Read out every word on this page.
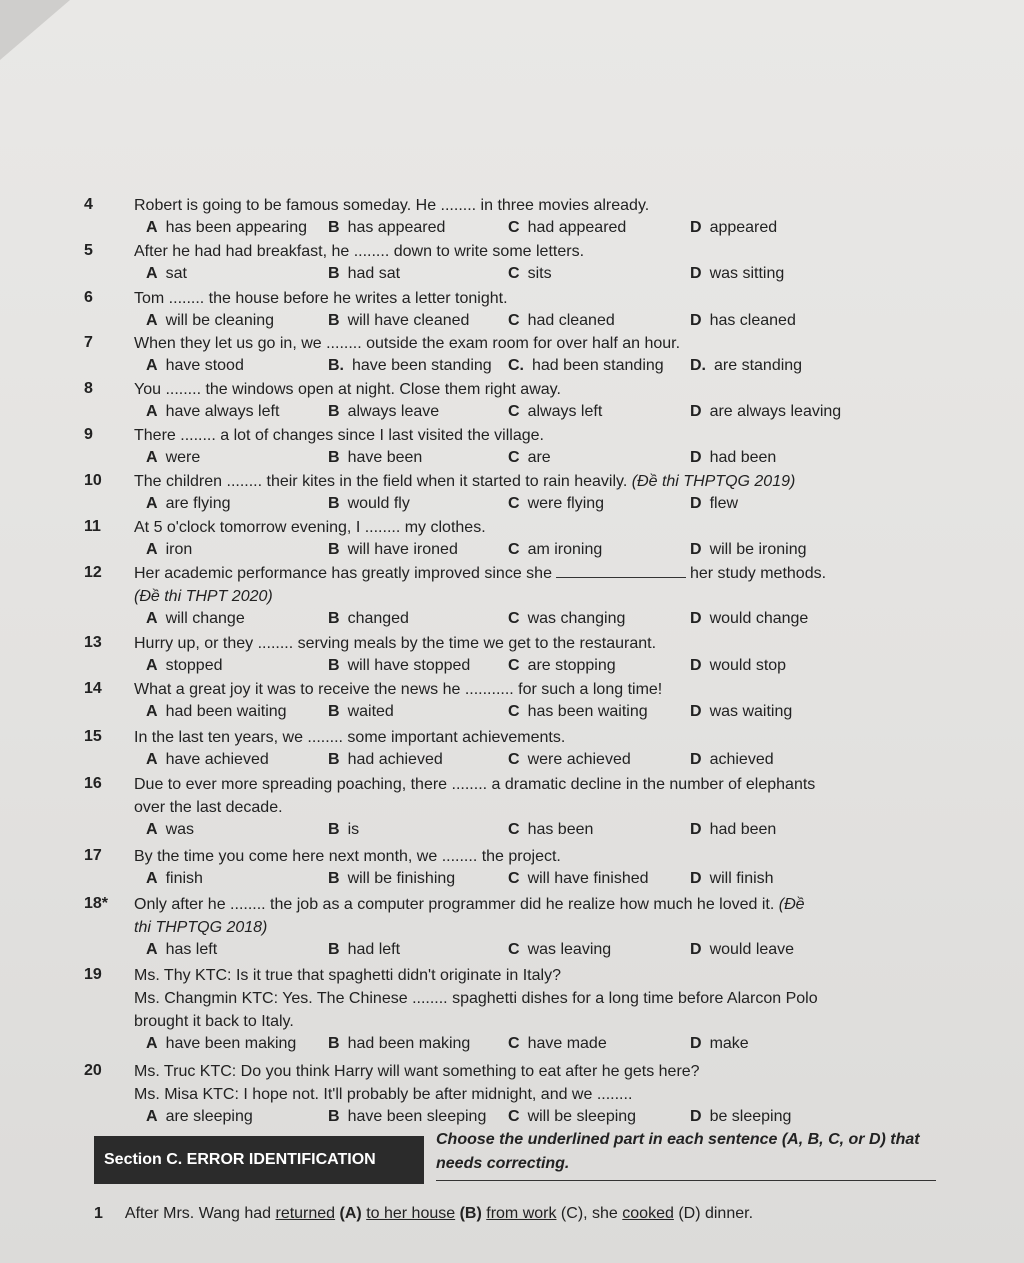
4	Robert is going to be famous someday. He ........ in three movies already.
A has been appearing B has appeared	C had appeared	D appeared
5	After he had had breakfast, he ........ down to write some letters.
A sat	B had sat	C sits	D was sitting
6	Tom ........ the house before he writes a letter tonight.
A will be cleaning	B will have cleaned C had cleaned	D has cleaned
7	When they let us go in, we ........ outside the exam room for over half an hour.
A have stood	B. have been standing C. had been standing D. are standing
8	You ........ the windows open at night. Close them right away.
A have always left	B always leave	C always left	D are always leaving
9	There ........ a lot of changes since I last visited the village.
A were	B have been	C are	D had been
10	The children ........ their kites in the field when it started to rain heavily. (Đề thi THPTQG 2019)
A are flying	B would fly	C were flying	D flew
11	At 5 o'clock tomorrow evening, I ........ my clothes.
A iron	B will have ironed	C am ironing	D will be ironing
12	Her academic performance has greatly improved since she	her study methods.
(Đề thi THPT 2020)
A will change	B changed	C was changing	D would change
13	Hurry up, or they ........ serving meals by the time we get to the restaurant.
A stopped	B will have stopped C are stopping	D would stop
14	What a great joy it was to receive the news he ........... for such a long time!
A had been waiting	B waited	C has been waiting	D was waiting
15	In the last ten years, we ........ some important achievements.
A have achieved	B had achieved	C were achieved	D achieved
16	Due to ever more spreading poaching, there ........ a dramatic decline in the number of elephants
over the last decade.
A was	B is	C has been	D had been
17	By the time you come here next month, we ........ the project.
A finish	B will be finishing	C will have finished	D will finish
18*	Only after he ........ the job as a computer programmer did he realize how much he loved it. (Đề
thi THPTQG 2018)
A has left	B had left	C was leaving	D would leave
19	Ms. Thy KTC: Is it true that spaghetti didn't originate in Italy?
Ms. Changmin KTC: Yes. The Chinese ........ spaghetti dishes for a long time before Alarcon Polo
brought it back to Italy.
A have been making B had been making C have made	D make
20	Ms. Truc KTC: Do you think Harry will want something to eat after he gets here?
Ms. Misa KTC: I hope not. It'll probably be after midnight, and we ........
A are sleeping	B have been sleeping C will be sleeping	D be sleeping
Section C. ERROR IDENTIFICATION
Choose the underlined part in each sentence (A, B, C, or D) that needs correcting.
1 After Mrs. Wang had returned (A) to her house (B) from work (C), she cooked (D) dinner.
